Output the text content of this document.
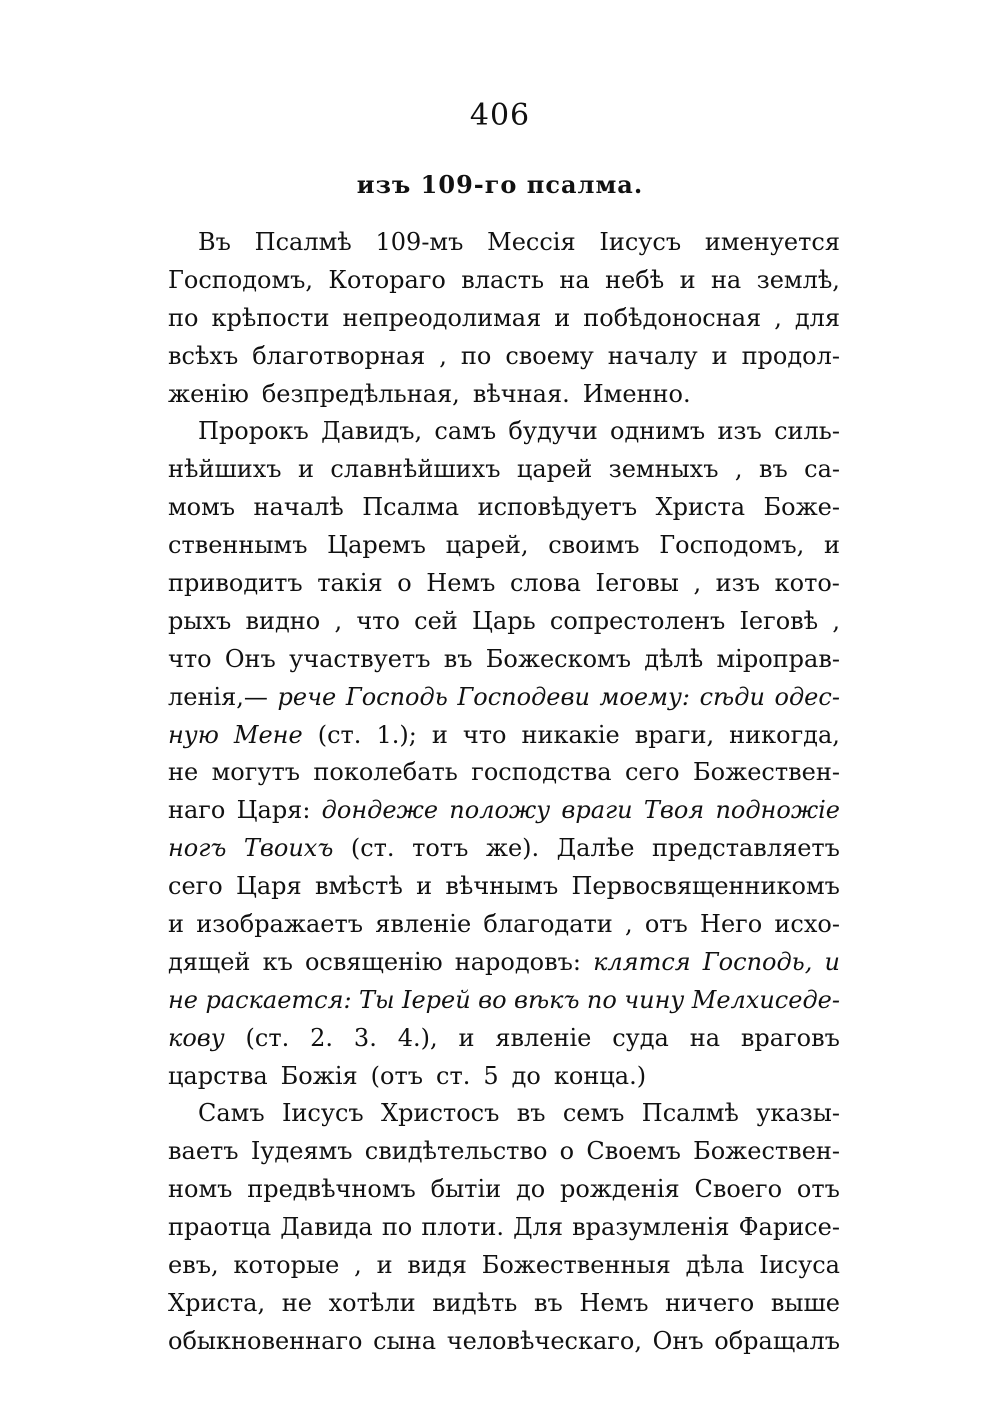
406
изъ 109-го псалма.
Въ Псалмѣ 109-мъ Мессія Іисусъ именуется
Господомъ, Котораго власть на небѣ и на землѣ,
по крѣпости непреодолимая и побѣдоносная , для
всѣхъ благотворная , по своему началу и продол-
женію безпредѣльная, вѣчная. Именно.
Пророкъ Давидъ, самъ будучи однимъ изъ силь-
нѣйшихъ и славнѣйшихъ царей земныхъ , въ са-
момъ началѣ Псалма исповѣдуетъ Христа Боже-
ственнымъ Царемъ царей, своимъ Господомъ, и
приводитъ такія о Немъ слова Іеговы , изъ кото-
рыхъ видно , что сей Царь сопрестоленъ Іеговѣ ,
что Онъ участвуетъ въ Божескомъ дѣлѣ міроправ-
ленія,— рече Господь Господеви моему: сѣди одес-
ную Мене (ст. 1.); и что никакіе враги, никогда,
не могутъ поколебать господства сего Божествен-
наго Царя: дондеже положу враги Твоя подножіе
ногъ Твоихъ (ст. тотъ же). Далѣе представляетъ
сего Царя вмѣстѣ и вѣчнымъ Первосвященникомъ
и изображаетъ явленіе благодати , отъ Него исхо-
дящей къ освященію народовъ: клятся Господь, и
не раскается: Ты Іерей во вѣкъ по чину Мелхиседе-
кову (ст. 2. 3. 4.), и явленіе суда на враговъ
царства Божія (отъ ст. 5 до конца.)
Самъ Іисусъ Христосъ въ семъ Псалмѣ указы-
ваетъ Іудеямъ свидѣтельство о Своемъ Божествен-
номъ предвѣчномъ бытіи до рожденія Своего отъ
праотца Давида по плоти. Для вразумленія Фарисе-
евъ, которые , и видя Божественныя дѣла Іисуса
Христа, не хотѣли видѣть въ Немъ ничего выше
обыкновеннаго сына человѣческаго, Онъ обращалъ
